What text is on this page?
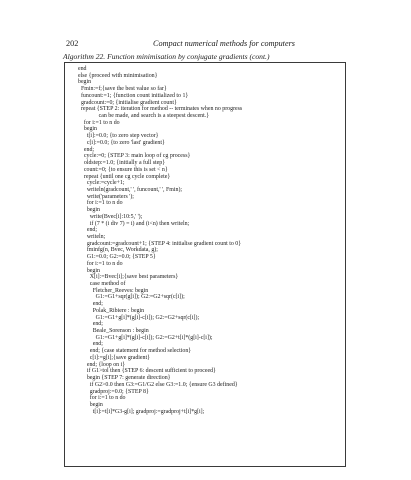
202	Compact numerical methods for computers
Algorithm 22. Function minimisation by conjugate gradients (cont.)
end
else {proceed with minimisation}
begin
Fmin:=f;{save the best value so far}
funcount:=1; {function count initialized to 1}
gradcount:=0; {initialise gradient count}
repeat {STEP 2: iteration for method -- terminates when no progress
can be made, and search is a steepest descent.}
for i:=1 to n do
begin
t[i]:=0.0; {to zero step vector}
c[i]:=0.0; {to zero 'last' gradient}
end;
cycle:=0; {STEP 3: main loop of cg process}
oldstep:=1.0; {initially a full step}
count:=0; {to ensure this is set < n}
repeat {until one cg cycle complete}
cycle:=cycle+1;
writeln(gradcount,' ', funcount,' ', Fmin);
write('parameters ');
for i:=1 to n do
begin
write(Bvec[i]:10:5,' ');
if (7 * (i div 7) = i) and (i<n) then writeln;
end;
writeln;
gradcount:=gradcount+1; {STEP 4: initialise gradient count to 0}
fminfg(n, Bvec, Workdata, g);
G1:=0.0; G2:=0.0; {STEP 5}
for i:=1 to n do
begin
X[i]:=Bvec[i];{save best parameters}
case method of
Fletcher_Reeves: begin
G1:=G1+sqr(g[i]); G2:=G2+sqr(c[i]);
end;
Polak_Ribiere : begin
G1:=G1+g[i]*(g[i]-c[i]); G2:=G2+sqr(c[i]);
end;
Beale_Sorenson : begin
G1:=G1+g[i]*(g[i]-c[i]); G2:=G2+t[i]*(g[i]-c[i]);
end;
end; {case statement for method selection}
c[i]:=g[i];{save gradient}
end; {loop on i}
if G1>tol then {STEP 6: descent sufficient to proceed}
begin {STEP 7: generate direction}
if G2>0.0 then G3:=G1/G2 else G3:=1.0; {ensure G3 defined}
gradproj:=0.0; {STEP 8}
for i:=1 to n do
begin
t[i]:=t[i]*G3-g[i]; gradproj:=gradproj+t[i]*g[i];
